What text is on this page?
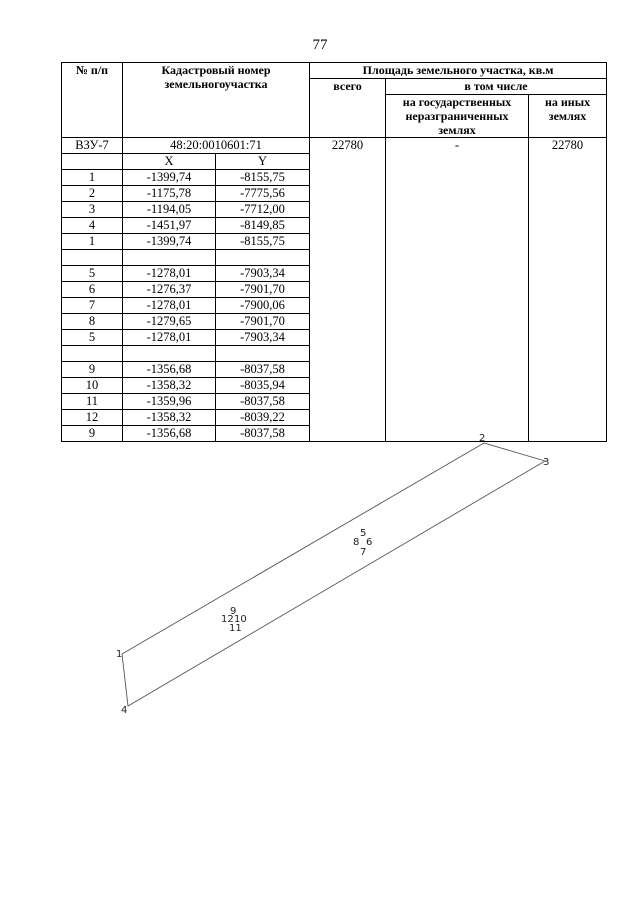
77
№ п/п	Кадастровый номер земельногоучастка		Площадь земельного участка, кв.м		
			всего	в том числе	
				на государственных неразграниченных землях	на иных землях
ВЗУ-7	48:20:0010601:71		22780	-	22780
	X	Y			
1	-1399,74	-8155,75			
2	-1175,78	-7775,56			
3	-1194,05	-7712,00			
4	-1451,97	-8149,85			
1	-1399,74	-8155,75			

5	-1278,01	-7903,34			
6	-1276,37	-7901,70			
7	-1278,01	-7900,06			
8	-1279,65	-7901,70			
5	-1278,01	-7903,34			

9	-1356,68	-8037,58			
10	-1358,32	-8035,94			
11	-1359,96	-8037,58			
12	-1358,32	-8039,22			
9	-1356,68	-8037,58			
1
2
3
4
5
6
7
8
9
10
11
12
